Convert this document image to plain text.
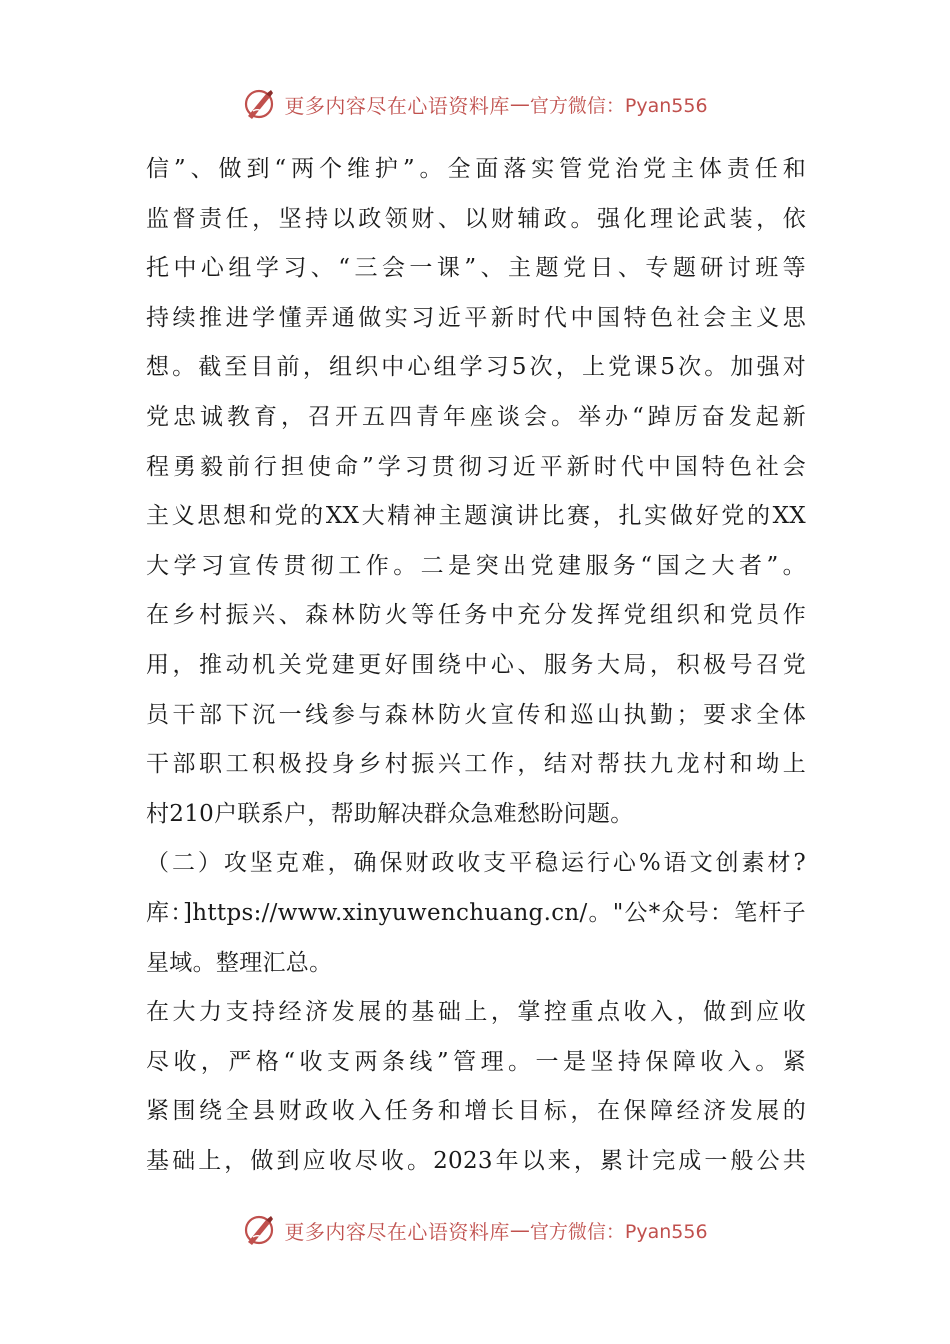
更多内容尽在心语资料库 — 官方微信：Pyan556
信”、做到“两个维护”。全面落实管党治党主体责任和
监督责任，坚持以政领财、以财辅政。强化理论武装，依
托中心组学习、“三会一课”、主题党日、专题研讨班等
持续推进学懂弄通做实习近平新时代中国特色社会主义思
想。截至目前，组织中心组学习5次，上党课5次。加强对
党忠诚教育，召开五四青年座谈会。举办“踔厉奋发起新
程勇毅前行担使命”学习贯彻习近平新时代中国特色社会
主义思想和党的XX大精神主题演讲比赛，扎实做好党的XX
大学习宣传贯彻工作。二是突出党建服务“国之大者”。
在乡村振兴、森林防火等任务中充分发挥党组织和党员作
用，推动机关党建更好围绕中心、服务大局，积极号召党
员干部下沉一线参与森林防火宣传和巡山执勤；要求全体
干部职工积极投身乡村振兴工作，结对帮扶九龙村和坳上
村210户联系户，帮助解决群众急难愁盼问题。
（二）攻坚克难，确保财政收支平稳运行心%语文创素材?
库：]https://www.xinyuwenchuang.cn/。"公*众号：笔杆子
星域。整理汇总。
在大力支持经济发展的基础上，掌控重点收入，做到应收
尽收，严格“收支两条线”管理。一是坚持保障收入。紧
紧围绕全县财政收入任务和增长目标，在保障经济发展的
基础上，做到应收尽收。2023年以来，累计完成一般公共
更多内容尽在心语资料库 — 官方微信：Pyan556
